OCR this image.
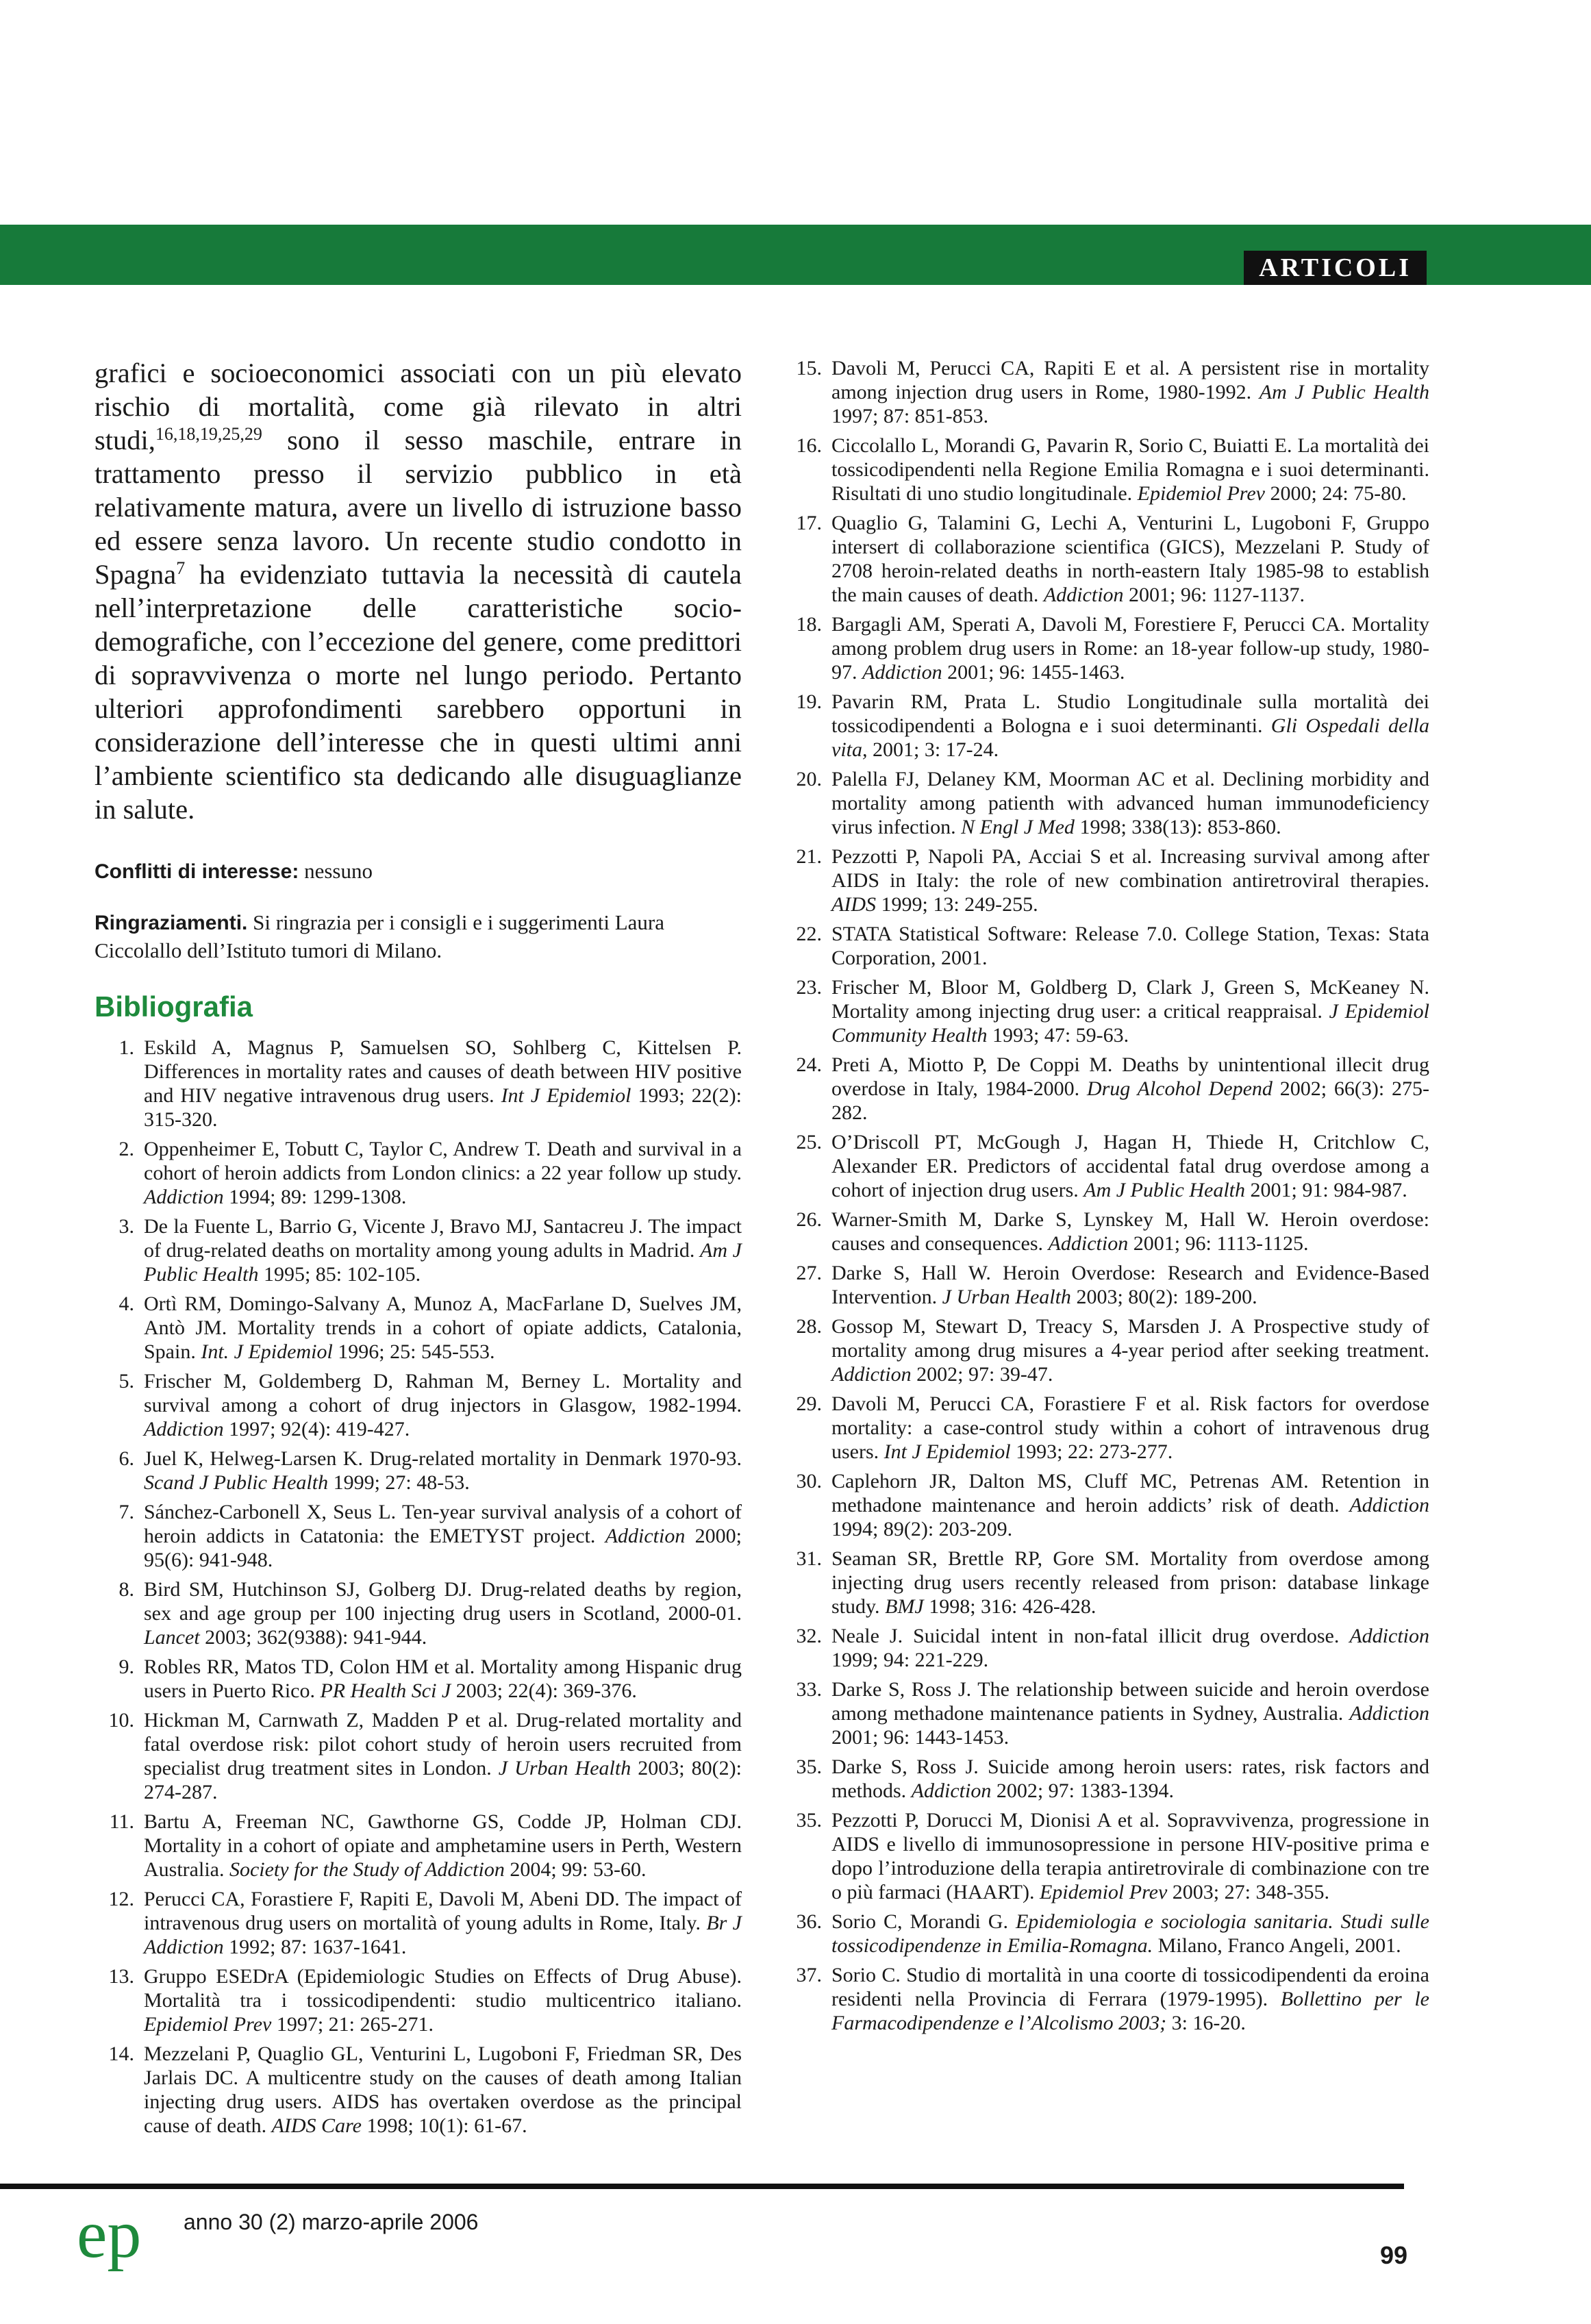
ARTICOLI

grafici e socioeconomici associati con un più elevato rischio di mortalità, come già rilevato in altri studi,$^{16,18,19,25,29}$ sono il sesso maschile, entrare in trattamento presso il servizio pubblico in età relativamente matura, avere un livello di istruzione basso ed essere senza lavoro. Un recente studio condotto in Spagna$^7$ ha evidenziato tuttavia la necessità di cautela nell’interpretazione delle caratteristiche socio-demografiche, con l’eccezione del genere, come predittori di sopravvivenza o morte nel lungo periodo. Pertanto ulteriori approfondimenti sarebbero opportuni in considerazione dell’interesse che in questi ultimi anni l’ambiente scientifico sta dedicando alle disuguaglianze in salute.

Conflitti di interesse: nessuno

Ringraziamenti. Si ringrazia per i consigli e i suggerimenti Laura Ciccolallo dell’Istituto tumori di Milano.

Bibliografia
1. Eskild A, Magnus P, Samuelsen SO, Sohlberg C, Kittelsen P. Differences in mortality rates and causes of death between HIV positive and HIV negative intravenous drug users. Int J Epidemiol 1993; 22(2): 315-320.
2. Oppenheimer E, Tobutt C, Taylor C, Andrew T. Death and survival in a cohort of heroin addicts from London clinics: a 22 year follow up study. Addiction 1994; 89: 1299-1308.
3. De la Fuente L, Barrio G, Vicente J, Bravo MJ, Santacreu J. The impact of drug-related deaths on mortality among young adults in Madrid. Am J Public Health 1995; 85: 102-105.
4. Ortì RM, Domingo-Salvany A, Munoz A, MacFarlane D, Suelves JM, Antò JM. Mortality trends in a cohort of opiate addicts, Catalonia, Spain. Int. J Epidemiol 1996; 25: 545-553.
5. Frischer M, Goldemberg D, Rahman M, Berney L. Mortality and survival among a cohort of drug injectors in Glasgow, 1982-1994. Addiction 1997; 92(4): 419-427.
6. Juel K, Helweg-Larsen K. Drug-related mortality in Denmark 1970-93. Scand J Public Health 1999; 27: 48-53.
7. Sánchez-Carbonell X, Seus L. Ten-year survival analysis of a cohort of heroin addicts in Catatonia: the EMETYST project. Addiction 2000; 95(6): 941-948.
8. Bird SM, Hutchinson SJ, Golberg DJ. Drug-related deaths by region, sex and age group per 100 injecting drug users in Scotland, 2000-01. Lancet 2003; 362(9388): 941-944.
9. Robles RR, Matos TD, Colon HM et al. Mortality among Hispanic drug users in Puerto Rico. PR Health Sci J 2003; 22(4): 369-376.
10. Hickman M, Carnwath Z, Madden P et al. Drug-related mortality and fatal overdose risk: pilot cohort study of heroin users recruited from specialist drug treatment sites in London. J Urban Health 2003; 80(2): 274-287.
11. Bartu A, Freeman NC, Gawthorne GS, Codde JP, Holman CDJ. Mortality in a cohort of opiate and amphetamine users in Perth, Western Australia. Society for the Study of Addiction 2004; 99: 53-60.
12. Perucci CA, Forastiere F, Rapiti E, Davoli M, Abeni DD. The impact of intravenous drug users on mortalità of young adults in Rome, Italy. Br J Addiction 1992; 87: 1637-1641.
13. Gruppo ESEDrA (Epidemiologic Studies on Effects of Drug Abuse). Mortalità tra i tossicodipendenti: studio multicentrico italiano. Epidemiol Prev 1997; 21: 265-271.
14. Mezzelani P, Quaglio GL, Venturini L, Lugoboni F, Friedman SR, Des Jarlais DC. A multicentre study on the causes of death among Italian injecting drug users. AIDS has overtaken overdose as the principal cause of death. AIDS Care 1998; 10(1): 61-67.
15. Davoli M, Perucci CA, Rapiti E et al. A persistent rise in mortality among injection drug users in Rome, 1980-1992. Am J Public Health 1997; 87: 851-853.
16. Ciccolallo L, Morandi G, Pavarin R, Sorio C, Buiatti E. La mortalità dei tossicodipendenti nella Regione Emilia Romagna e i suoi determinanti. Risultati di uno studio longitudinale. Epidemiol Prev 2000; 24: 75-80.
17. Quaglio G, Talamini G, Lechi A, Venturini L, Lugoboni F, Gruppo intersert di collaborazione scientifica (GICS), Mezzelani P. Study of 2708 heroin-related deaths in north-eastern Italy 1985-98 to establish the main causes of death. Addiction 2001; 96: 1127-1137.
18. Bargagli AM, Sperati A, Davoli M, Forestiere F, Perucci CA. Mortality among problem drug users in Rome: an 18-year follow-up study, 1980-97. Addiction 2001; 96: 1455-1463.
19. Pavarin RM, Prata L. Studio Longitudinale sulla mortalità dei tossicodipendenti a Bologna e i suoi determinanti. Gli Ospedali della vita, 2001; 3: 17-24.
20. Palella FJ, Delaney KM, Moorman AC et al. Declining morbidity and mortality among patienth with advanced human immunodeficiency virus infection. N Engl J Med 1998; 338(13): 853-860.
21. Pezzotti P, Napoli PA, Acciai S et al. Increasing survival among after AIDS in Italy: the role of new combination antiretroviral therapies. AIDS 1999; 13: 249-255.
22. STATA Statistical Software: Release 7.0. College Station, Texas: Stata Corporation, 2001.
23. Frischer M, Bloor M, Goldberg D, Clark J, Green S, McKeaney N. Mortality among injecting drug user: a critical reappraisal. J Epidemiol Community Health 1993; 47: 59-63.
24. Preti A, Miotto P, De Coppi M. Deaths by unintentional illecit drug overdose in Italy, 1984-2000. Drug Alcohol Depend 2002; 66(3): 275-282.
25. O’Driscoll PT, McGough J, Hagan H, Thiede H, Critchlow C, Alexander ER. Predictors of accidental fatal drug overdose among a cohort of injection drug users. Am J Public Health 2001; 91: 984-987.
26. Warner-Smith M, Darke S, Lynskey M, Hall W. Heroin overdose: causes and consequences. Addiction 2001; 96: 1113-1125.
27. Darke S, Hall W. Heroin Overdose: Research and Evidence-Based Intervention. J Urban Health 2003; 80(2): 189-200.
28. Gossop M, Stewart D, Treacy S, Marsden J. A Prospective study of mortality among drug misures a 4-year period after seeking treatment. Addiction 2002; 97: 39-47.
29. Davoli M, Perucci CA, Forastiere F et al. Risk factors for overdose mortality: a case-control study within a cohort of intravenous drug users. Int J Epidemiol 1993; 22: 273-277.
30. Caplehorn JR, Dalton MS, Cluff MC, Petrenas AM. Retention in methadone maintenance and heroin addicts’ risk of death. Addiction 1994; 89(2): 203-209.
31. Seaman SR, Brettle RP, Gore SM. Mortality from overdose among injecting drug users recently released from prison: database linkage study. BMJ 1998; 316: 426-428.
32. Neale J. Suicidal intent in non-fatal illicit drug overdose. Addiction 1999; 94: 221-229.
33. Darke S, Ross J. The relationship between suicide and heroin overdose among methadone maintenance patients in Sydney, Australia. Addiction 2001; 96: 1443-1453.
35. Darke S, Ross J. Suicide among heroin users: rates, risk factors and methods. Addiction 2002; 97: 1383-1394.
35. Pezzotti P, Dorucci M, Dionisi A et al. Sopravvivenza, progressione in AIDS e livello di immunosopressione in persone HIV-positive prima e dopo l’introduzione della terapia antiretrovirale di combinazione con tre o più farmaci (HAART). Epidemiol Prev 2003; 27: 348-355.
36. Sorio C, Morandi G. Epidemiologia e sociologia sanitaria. Studi sulle tossicodipendenze in Emilia-Romagna. Milano, Franco Angeli, 2001.
37. Sorio C. Studio di mortalità in una coorte di tossicodipendenti da eroina residenti nella Provincia di Ferrara (1979-1995). Bollettino per le Farmacodipendenze e l’Alcolismo 2003; 3: 16-20.
ep anno 30 (2) marzo-aprile 2006
99
